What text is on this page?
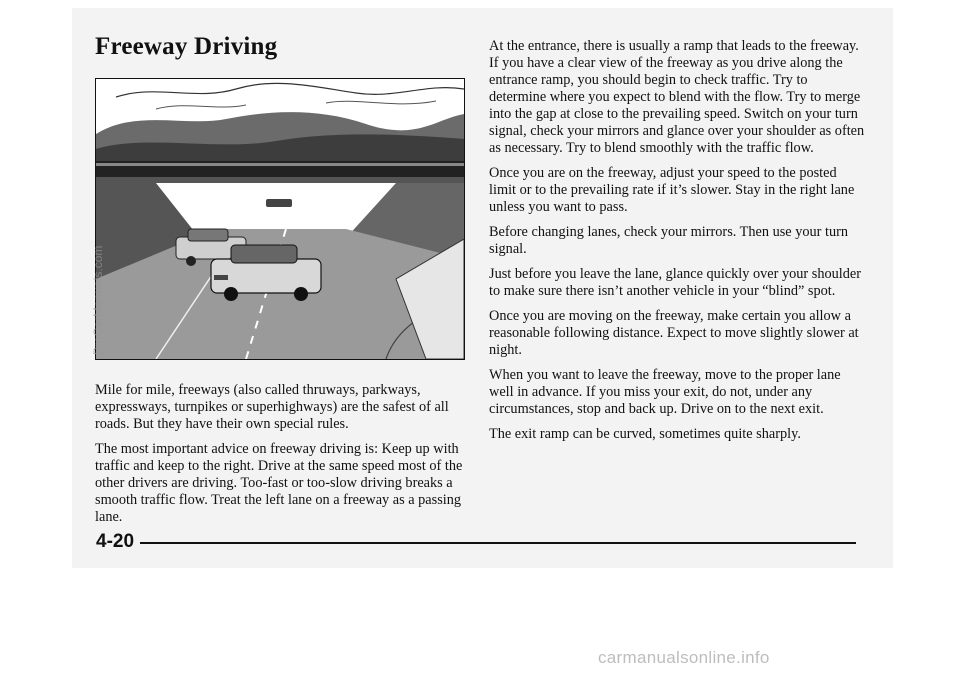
Freeway Driving

Mile for mile, freeways (also called thruways, parkways, expressways, turnpikes or superhighways) are the safest of all roads. But they have their own special rules.

The most important advice on freeway driving is: Keep up with traffic and keep to the right. Drive at the same speed most of the other drivers are driving. Too-fast or too-slow driving breaks a smooth traffic flow. Treat the left lane on a freeway as a passing lane.

At the entrance, there is usually a ramp that leads to the freeway. If you have a clear view of the freeway as you drive along the entrance ramp, you should begin to check traffic. Try to determine where you expect to blend with the flow. Try to merge into the gap at close to the prevailing speed. Switch on your turn signal, check your mirrors and glance over your shoulder as often as necessary. Try to blend smoothly with the traffic flow.

Once you are on the freeway, adjust your speed to the posted limit or to the prevailing rate if it’s slower. Stay in the right lane unless you want to pass.

Before changing lanes, check your mirrors. Then use your turn signal.

Just before you leave the lane, glance quickly over your shoulder to make sure there isn’t another vehicle in your “blind” spot.

Once you are moving on the freeway, make certain you allow a reasonable following distance. Expect to move slightly slower at night.

When you want to leave the freeway, move to the proper lane well in advance. If you miss your exit, do not, under any circumstances, stop and back up. Drive on to the next exit.

The exit ramp can be curved, sometimes quite sharply.

4-20
ProCarManuals.com
carmanualsonline.info
